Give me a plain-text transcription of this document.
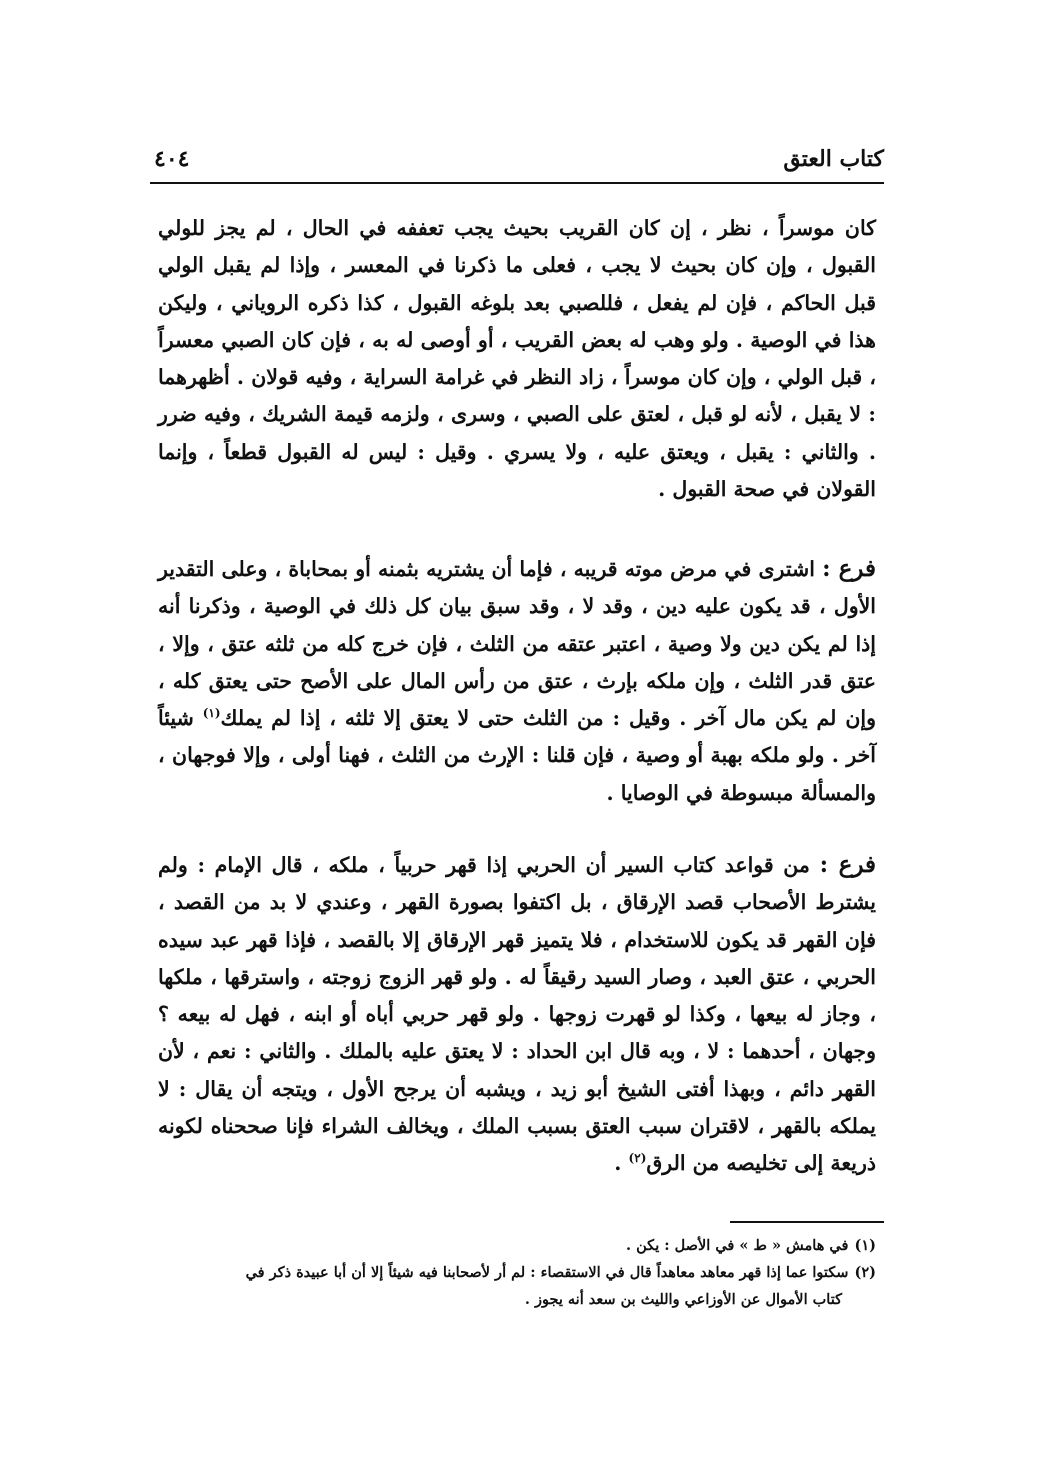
كتاب العتق
٤٠٤
كان موسراً ، نظر ، إن كان القريب بحيث يجب تعففه في الحال ، لم يجز للولي القبول ، وإن كان بحيث لا يجب ، فعلى ما ذكرنا في المعسر ، وإذا لم يقبل الولي قبل الحاكم ، فإن لم يفعل ، فللصبي بعد بلوغه القبول ، كذا ذكره الروياني ، وليكن هذا في الوصية . ولو وهب له بعض القريب ، أو أوصى له به ، فإن كان الصبي معسراً ، قبل الولي ، وإن كان موسراً ، زاد النظر في غرامة السراية ، وفيه قولان . أظهرهما : لا يقبل ، لأنه لو قبل ، لعتق على الصبي ، وسرى ، ولزمه قيمة الشريك ، وفيه ضرر . والثاني : يقبل ، ويعتق عليه ، ولا يسري . وقيل : ليس له القبول قطعاً ، وإنما القولان في صحة القبول .
فرع : اشترى في مرض موته قريبه ، فإما أن يشتريه بثمنه أو بمحاباة ، وعلى التقدير الأول ، قد يكون عليه دين ، وقد لا ، وقد سبق بيان كل ذلك في الوصية ، وذكرنا أنه إذا لم يكن دين ولا وصية ، اعتبر عتقه من الثلث ، فإن خرج كله من ثلثه عتق ، وإلا ، عتق قدر الثلث ، وإن ملكه بإرث ، عتق من رأس المال على الأصح حتى يعتق كله ، وإن لم يكن مال آخر . وقيل : من الثلث حتى لا يعتق إلا ثلثه ، إذا لم يملك$^{(١)}$ شيئاً آخر . ولو ملكه بهبة أو وصية ، فإن قلنا : الإرث من الثلث ، فهنا أولى ، وإلا فوجهان ، والمسألة مبسوطة في الوصايا .
فرع : من قواعد كتاب السير أن الحربي إذا قهر حربياً ، ملكه ، قال الإمام : ولم يشترط الأصحاب قصد الإرقاق ، بل اكتفوا بصورة القهر ، وعندي لا بد من القصد ، فإن القهر قد يكون للاستخدام ، فلا يتميز قهر الإرقاق إلا بالقصد ، فإذا قهر عبد سيده الحربي ، عتق العبد ، وصار السيد رقيقاً له . ولو قهر الزوج زوجته ، واسترقها ، ملكها ، وجاز له بيعها ، وكذا لو قهرت زوجها . ولو قهر حربي أباه أو ابنه ، فهل له بيعه ؟ وجهان ، أحدهما : لا ، وبه قال ابن الحداد : لا يعتق عليه بالملك . والثاني : نعم ، لأن القهر دائم ، وبهذا أفتى الشيخ أبو زيد ، ويشبه أن يرجح الأول ، ويتجه أن يقال : لا يملكه بالقهر ، لاقتران سبب العتق بسبب الملك ، ويخالف الشراء فإنا صححناه لكونه ذريعة إلى تخليصه من الرق$^{(٢)}$ .
(١)في هامش « ط » في الأصل : يكن .
(٢)سكتوا عما إذا قهر معاهد معاهداً قال في الاستقصاء : لم أر لأصحابنا فيه شيئاً إلا أن أبا عبيدة ذكر في
كتاب الأموال عن الأوزاعي والليث بن سعد أنه يجوز .
